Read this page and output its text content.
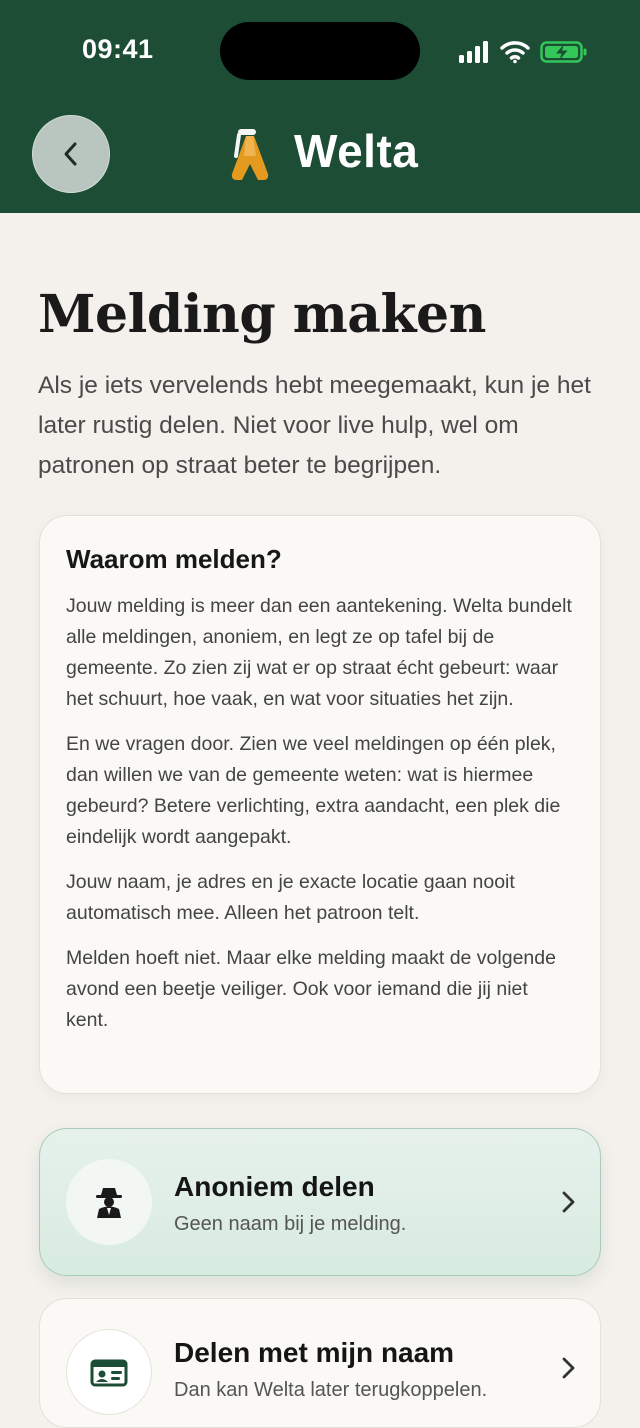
09:41
Welta
Melding maken

Als je iets vervelends hebt meegemaakt, kun je het later rustig delen. Niet voor live hulp, wel om patronen op straat beter te begrijpen.

Waarom melden?

Jouw melding is meer dan een aantekening. Welta bundelt alle meldingen, anoniem, en legt ze op tafel bij de gemeente. Zo zien zij wat er op straat écht gebeurt: waar het schuurt, hoe vaak, en wat voor situaties het zijn.

En we vragen door. Zien we veel meldingen op één plek, dan willen we van de gemeente weten: wat is hiermee gebeurd? Betere verlichting, extra aandacht, een plek die eindelijk wordt aangepakt.

Jouw naam, je adres en je exacte locatie gaan nooit automatisch mee. Alleen het patroon telt.

Melden hoeft niet. Maar elke melding maakt de volgende avond een beetje veiliger. Ook voor iemand die jij niet kent.

Anoniem delen
Geen naam bij je melding.
Delen met mijn naam
Dan kan Welta later terugkoppelen.
